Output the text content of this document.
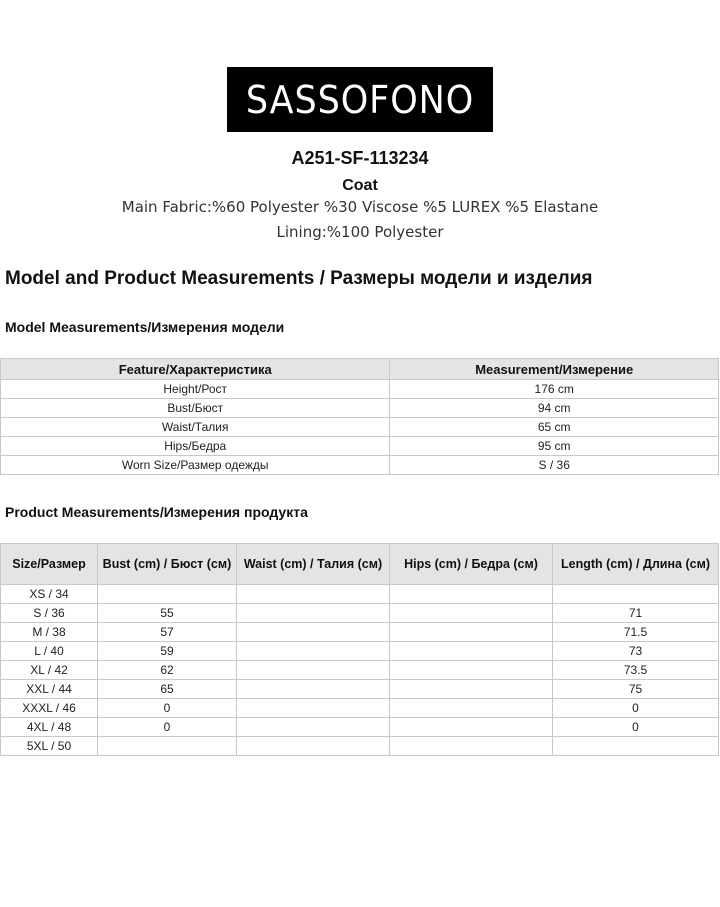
SASSOFONO
A251-SF-113234
Coat
Main Fabric:%60 Polyester %30 Viscose %5 LUREX %5 Elastane
Lining:%100 Polyester
Model and Product Measurements / Размеры модели и изделия
Model Measurements/Измерения модели
Feature/Характеристика	Measurement/Измерение
Height/Рост	176 cm
Bust/Бюст	94 cm
Waist/Талия	65 cm
Hips/Бедра	95 cm
Worn Size/Размер одежды	S / 36
Product Measurements/Измерения продукта
Size/Размер	Bust (cm) / Бюст (см)	Waist (cm) / Талия (см)	Hips (cm) / Бедра (см)	Length (cm) / Длина (см)
XS / 34				
S / 36	55			71
M / 38	57			71.5
L / 40	59			73
XL / 42	62			73.5
XXL / 44	65			75
XXXL / 46	0			0
4XL / 48	0			0
5XL / 50				
